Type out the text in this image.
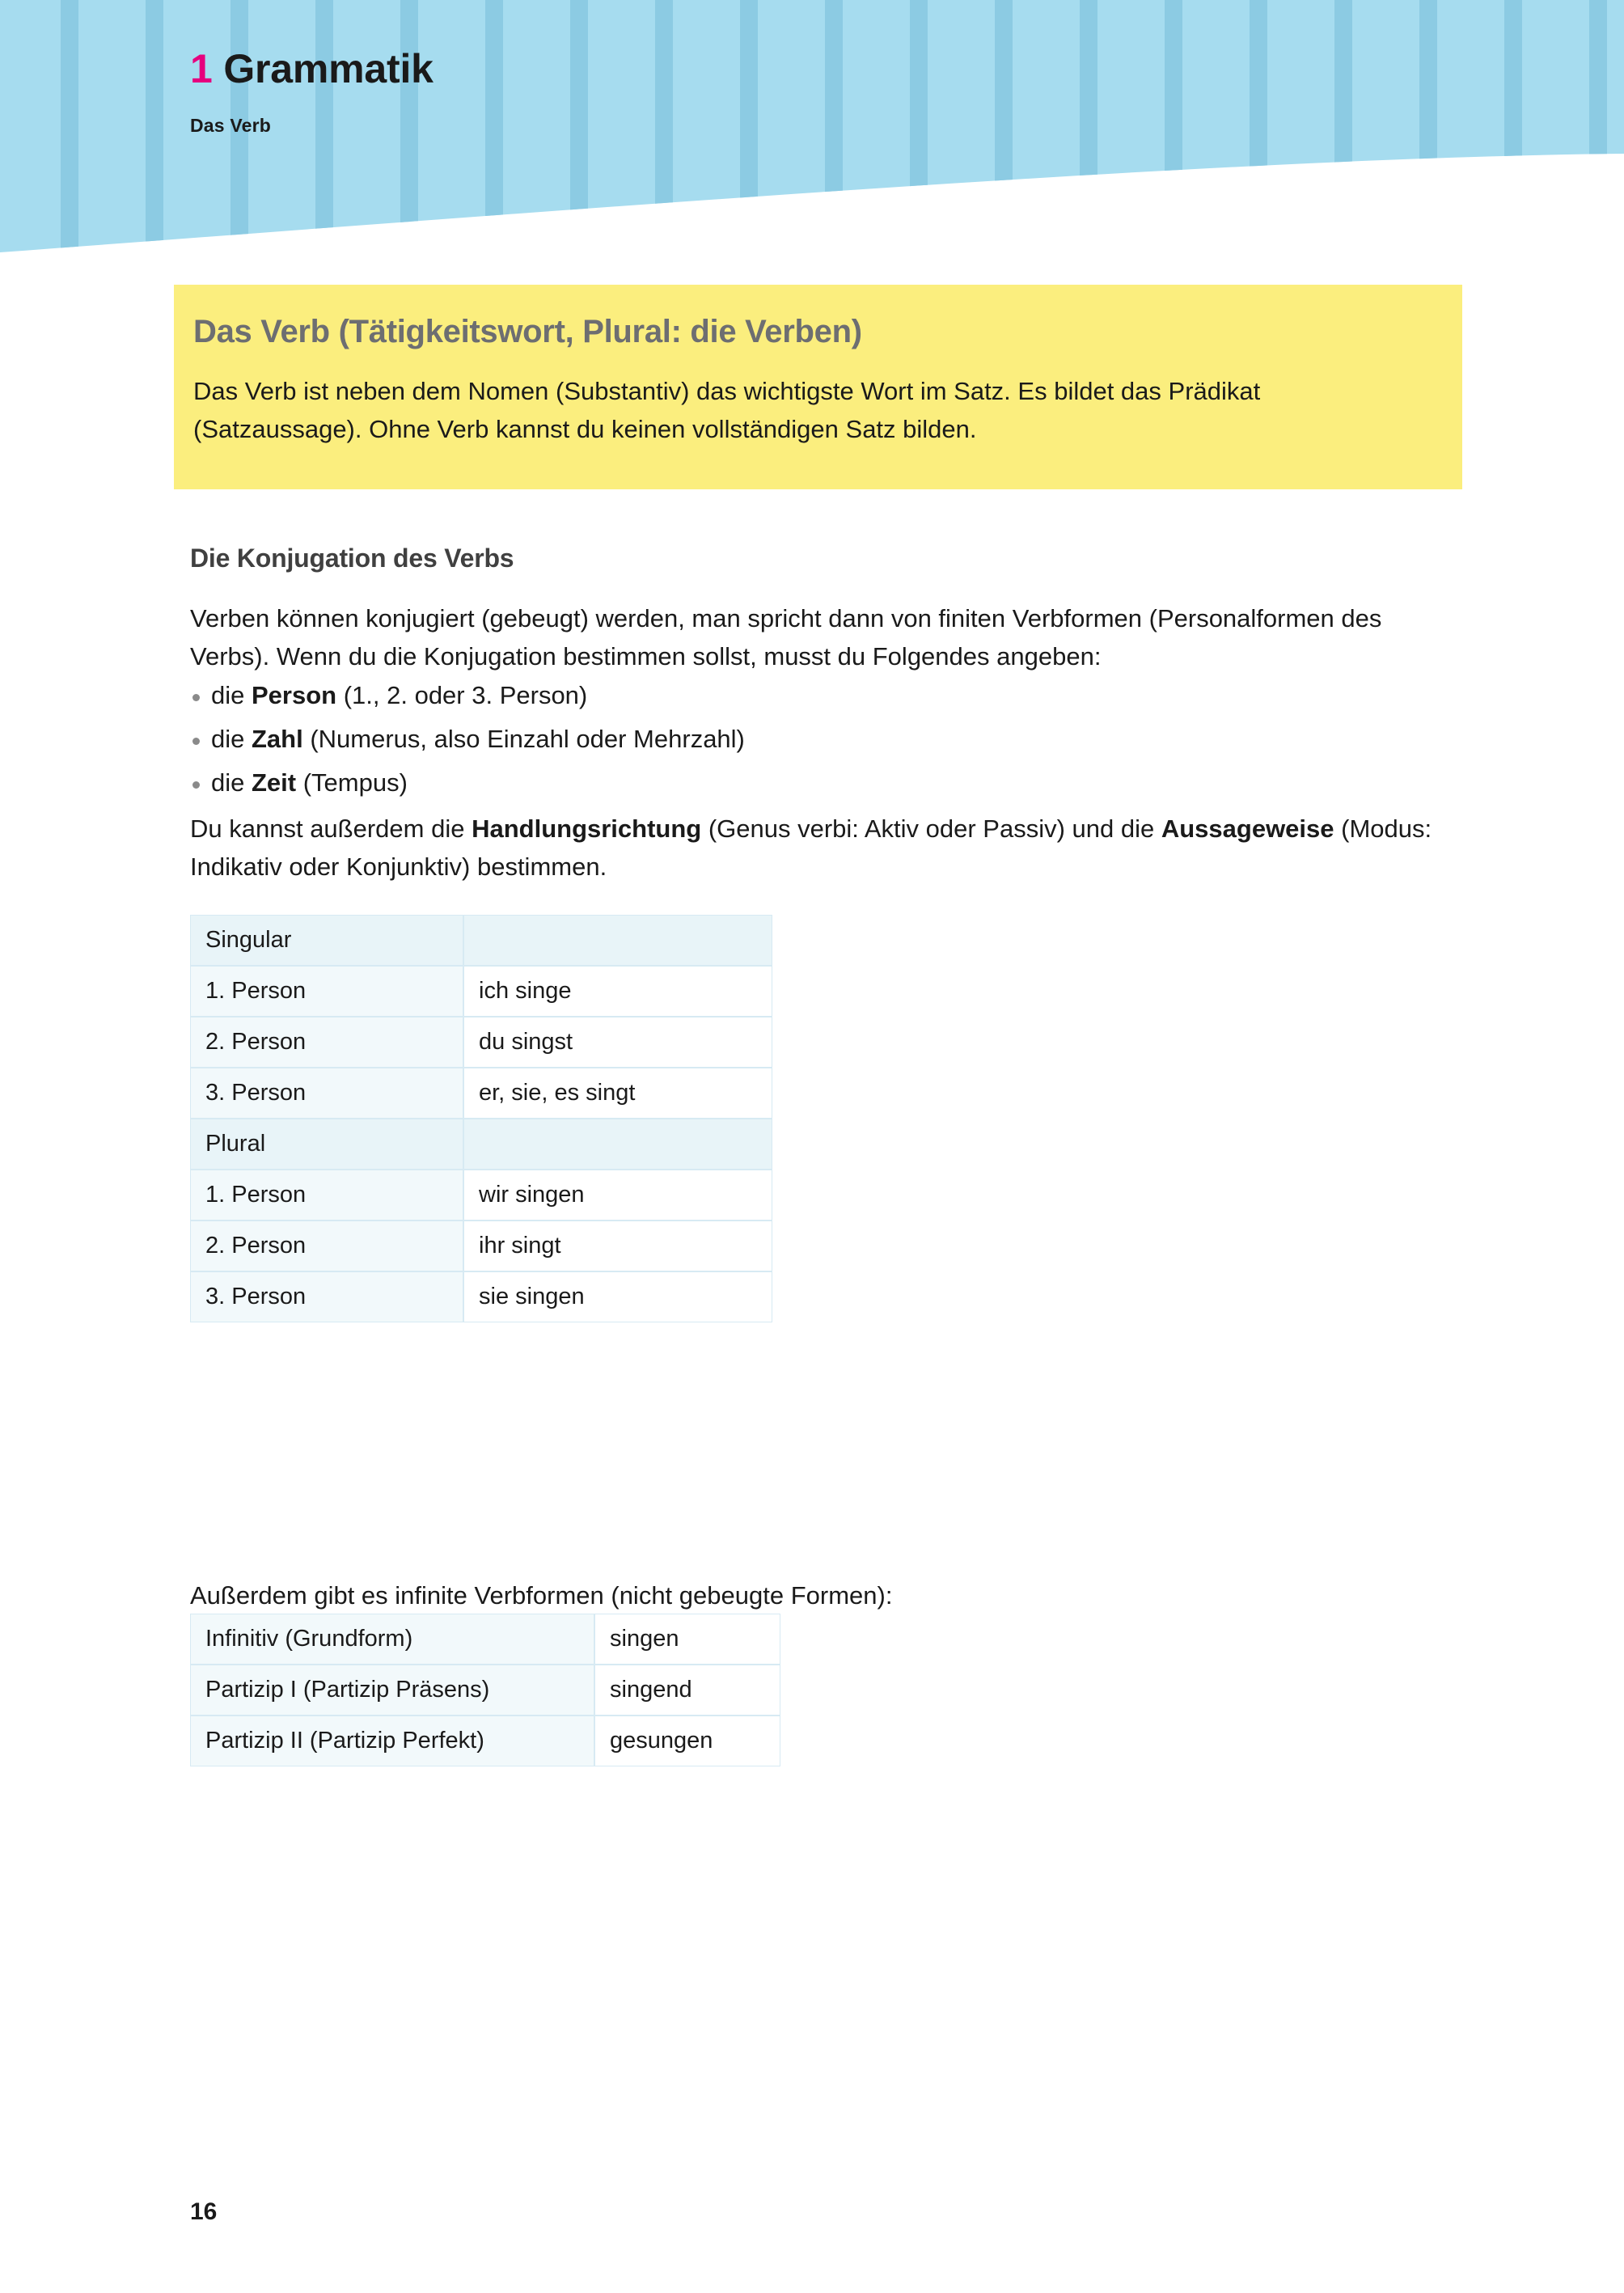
1 Grammatik
Das Verb
Das Verb (Tätigkeitswort, Plural: die Verben)

Das Verb ist neben dem Nomen (Substantiv) das wichtigste Wort im Satz. Es bildet das Prädikat (Satzaussage). Ohne Verb kannst du keinen vollständigen Satz bilden.

Die Konjugation des Verbs

Verben können konjugiert (gebeugt) werden, man spricht dann von finiten Verbformen (Personalformen des Verbs). Wenn du die Konjugation bestimmen sollst, musst du Folgendes angeben:

die Person (1., 2. oder 3. Person)
die Zahl (Numerus, also Einzahl oder Mehrzahl)
die Zeit (Tempus)

Du kannst außerdem die Handlungsrichtung (Genus verbi: Aktiv oder Passiv) und die Aussageweise (Modus: Indikativ oder Konjunktiv) bestimmen.

Singular	
1. Person	ich singe
2. Person	du singst
3. Person	er, sie, es singt
Plural	
1. Person	wir singen
2. Person	ihr singt
3. Person	sie singen
Außerdem gibt es infinite Verbformen (nicht gebeugte Formen):
Infinitiv (Grundform)	singen
Partizip I (Partizip Präsens)	singend
Partizip II (Partizip Perfekt)	gesungen
16
